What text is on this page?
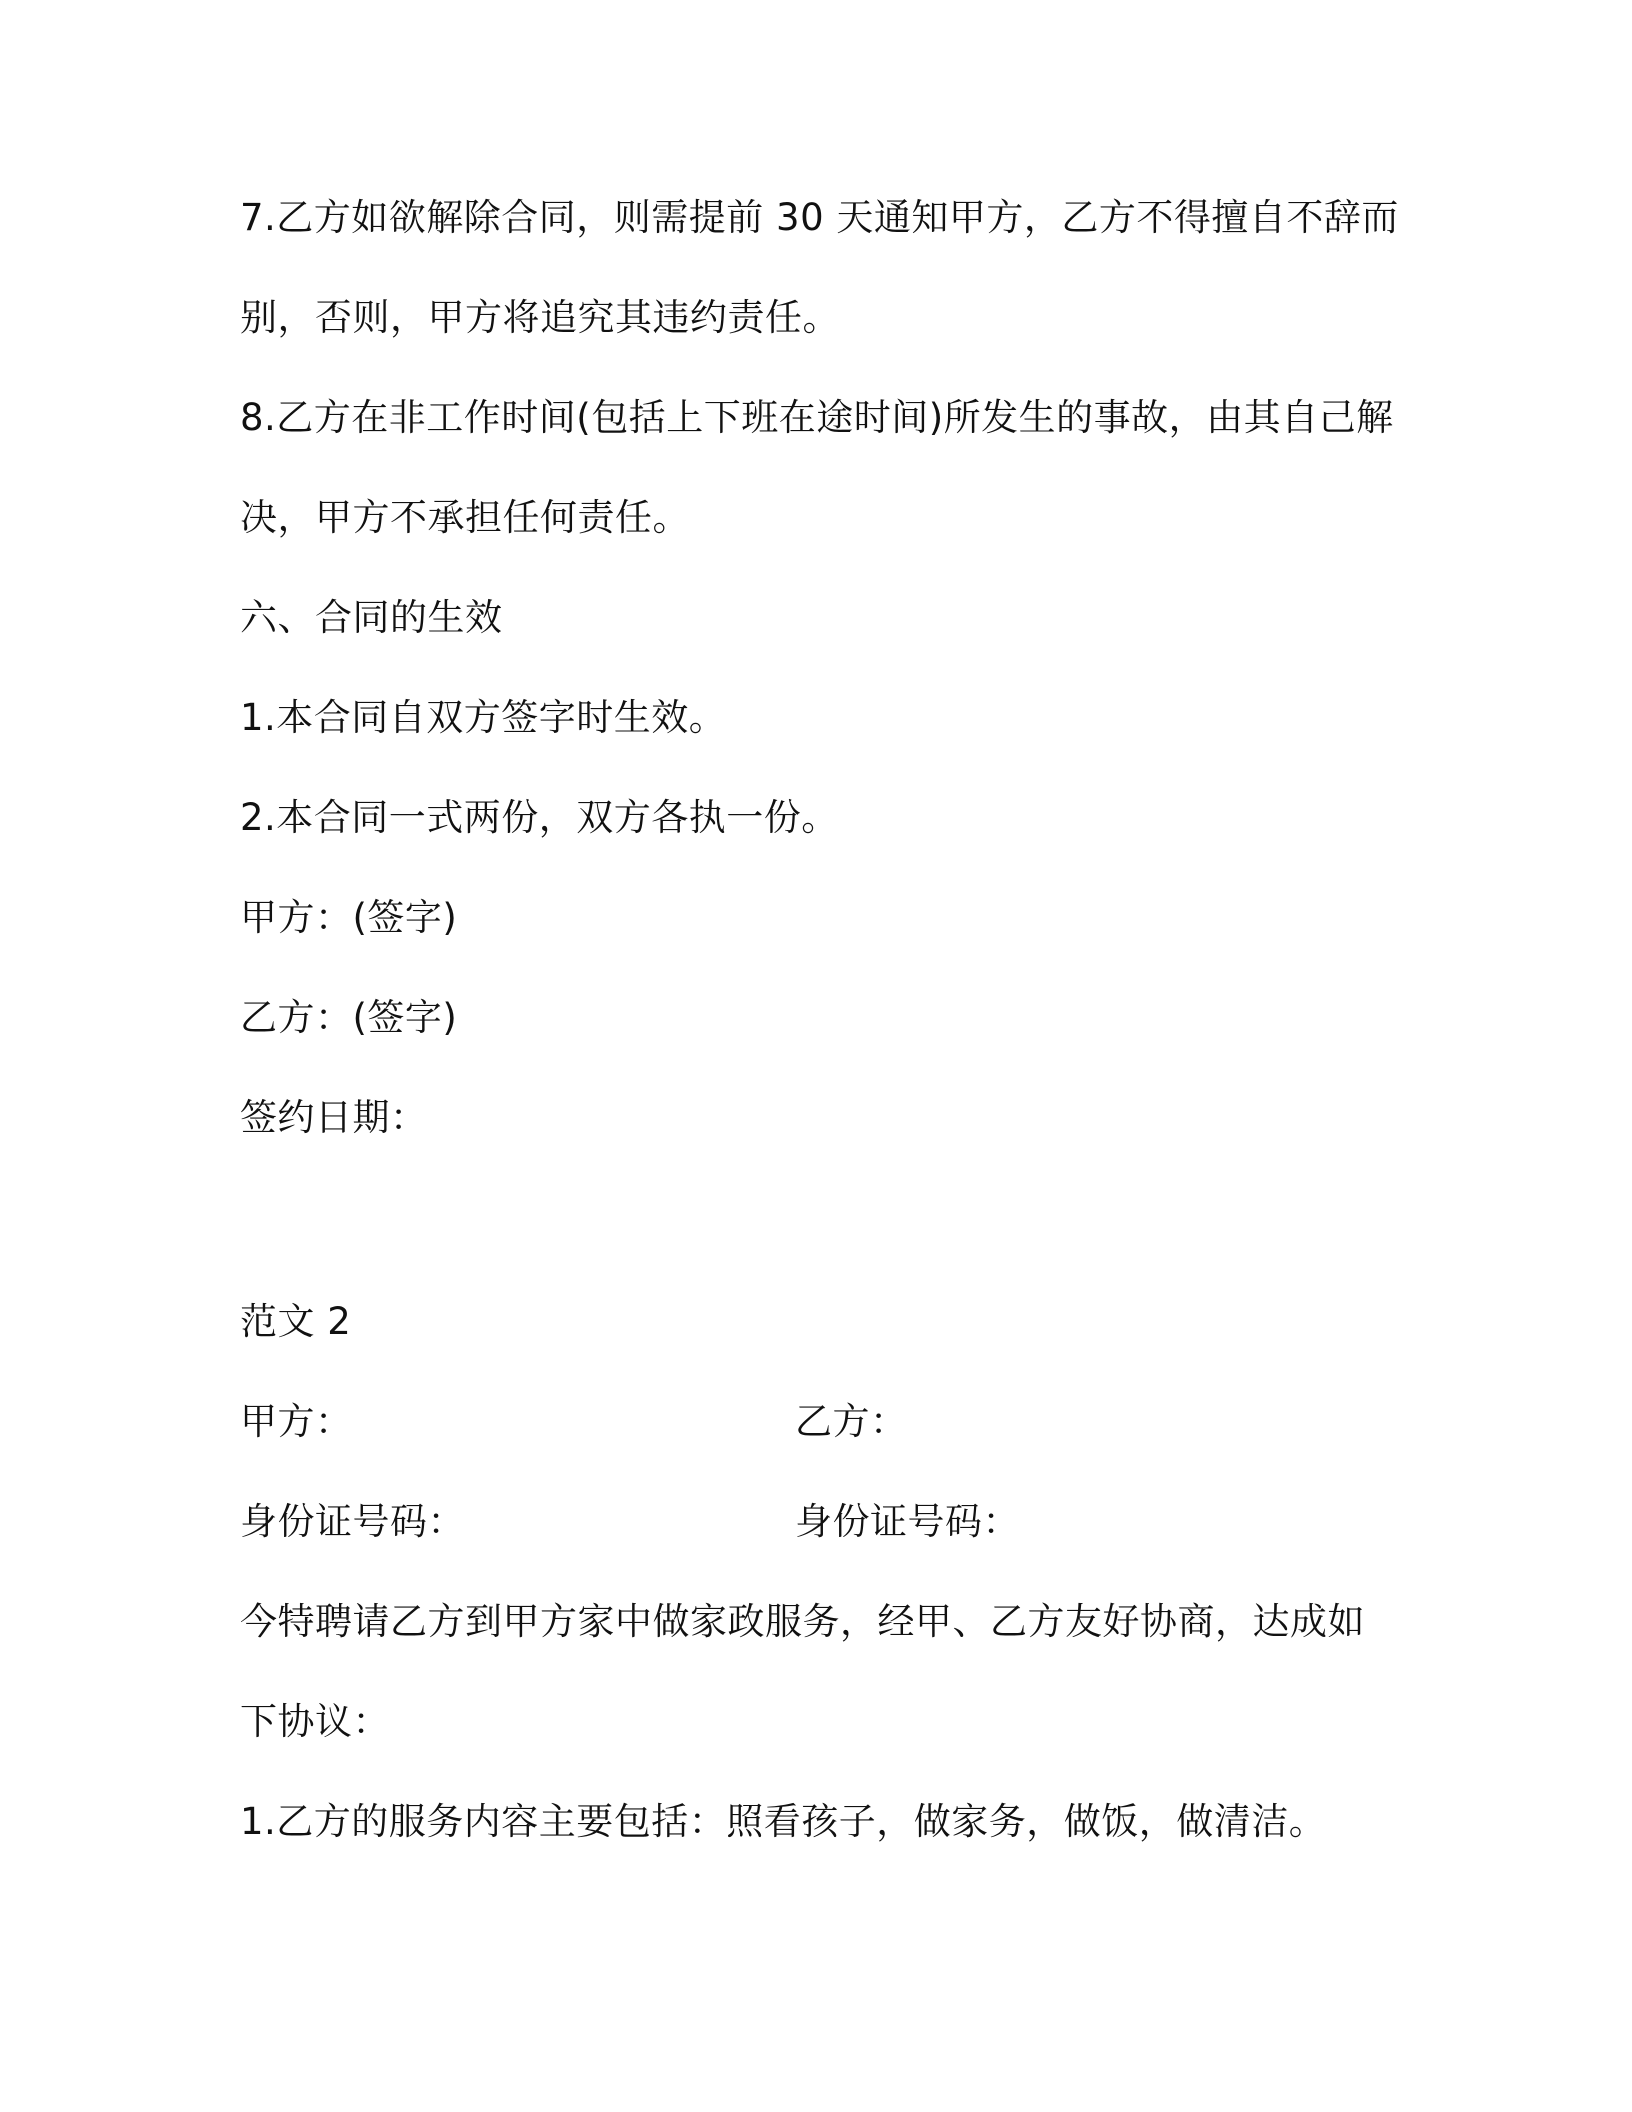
7.乙方如欲解除合同，则需提前 30 天通知甲方，乙方不得擅自不辞而
别，否则，甲方将追究其违约责任。
8.乙方在非工作时间(包括上下班在途时间)所发生的事故，由其自己解
决，甲方不承担任何责任。
六、合同的生效
1.本合同自双方签字时生效。
2.本合同一式两份，双方各执一份。
甲方：(签字)
乙方：(签字)
签约日期：
范文 2
甲方：	乙方：
身份证号码：	身份证号码：
今特聘请乙方到甲方家中做家政服务，经甲、乙方友好协商，达成如
下协议：
1.乙方的服务内容主要包括：照看孩子，做家务，做饭，做清洁。
